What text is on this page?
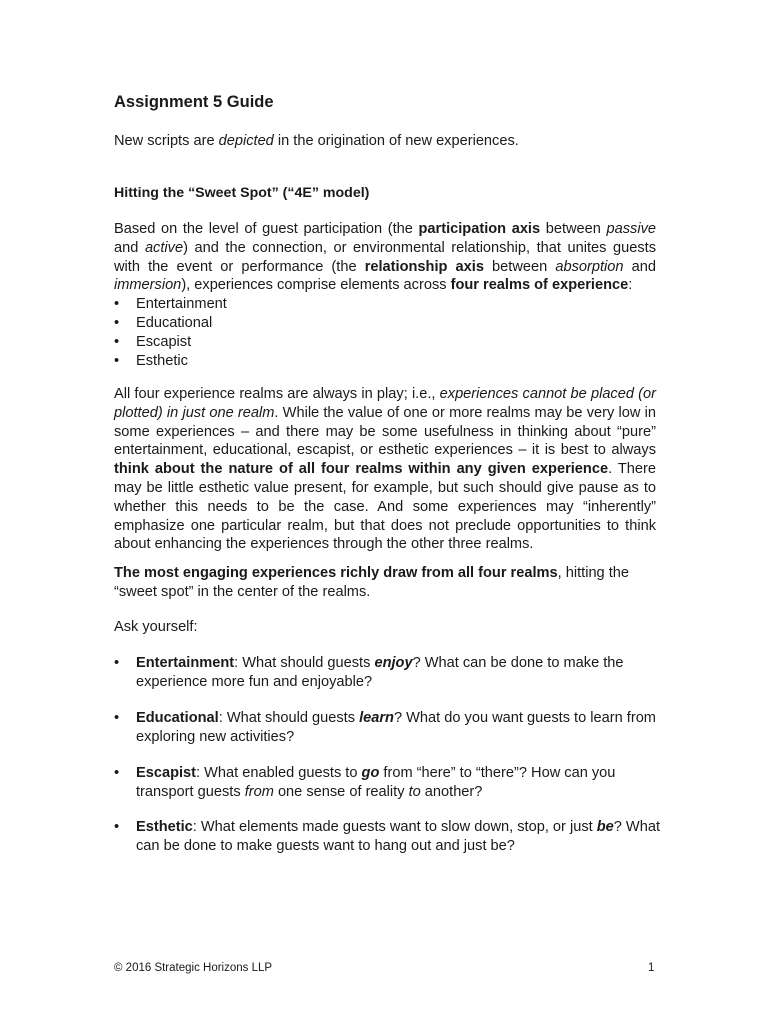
Assignment 5 Guide
New scripts are depicted in the origination of new experiences.
Hitting the “Sweet Spot” (“4E” model)
Based on the level of guest participation (the participation axis between passive and active) and the connection, or environmental relationship, that unites guests with the event or performance (the relationship axis between absorption and immersion), experiences comprise elements across four realms of experience:
• Entertainment
• Educational
• Escapist
• Esthetic
All four experience realms are always in play; i.e., experiences cannot be placed (or plotted) in just one realm. While the value of one or more realms may be very low in some experiences – and there may be some usefulness in thinking about “pure” entertainment, educational, escapist, or esthetic experiences – it is best to always think about the nature of all four realms within any given experience. There may be little esthetic value present, for example, but such should give pause as to whether this needs to be the case. And some experiences may “inherently” emphasize one particular realm, but that does not preclude opportunities to think about enhancing the experiences through the other three realms.
The most engaging experiences richly draw from all four realms, hitting the “sweet spot” in the center of the realms.
Ask yourself:
• Entertainment: What should guests enjoy? What can be done to make the experience more fun and enjoyable?
• Educational: What should guests learn? What do you want guests to learn from exploring new activities?
• Escapist: What enabled guests to go from “here” to “there”? How can you transport guests from one sense of reality to another?
• Esthetic: What elements made guests want to slow down, stop, or just be? What can be done to make guests want to hang out and just be?
© 2016 Strategic Horizons LLP	1
